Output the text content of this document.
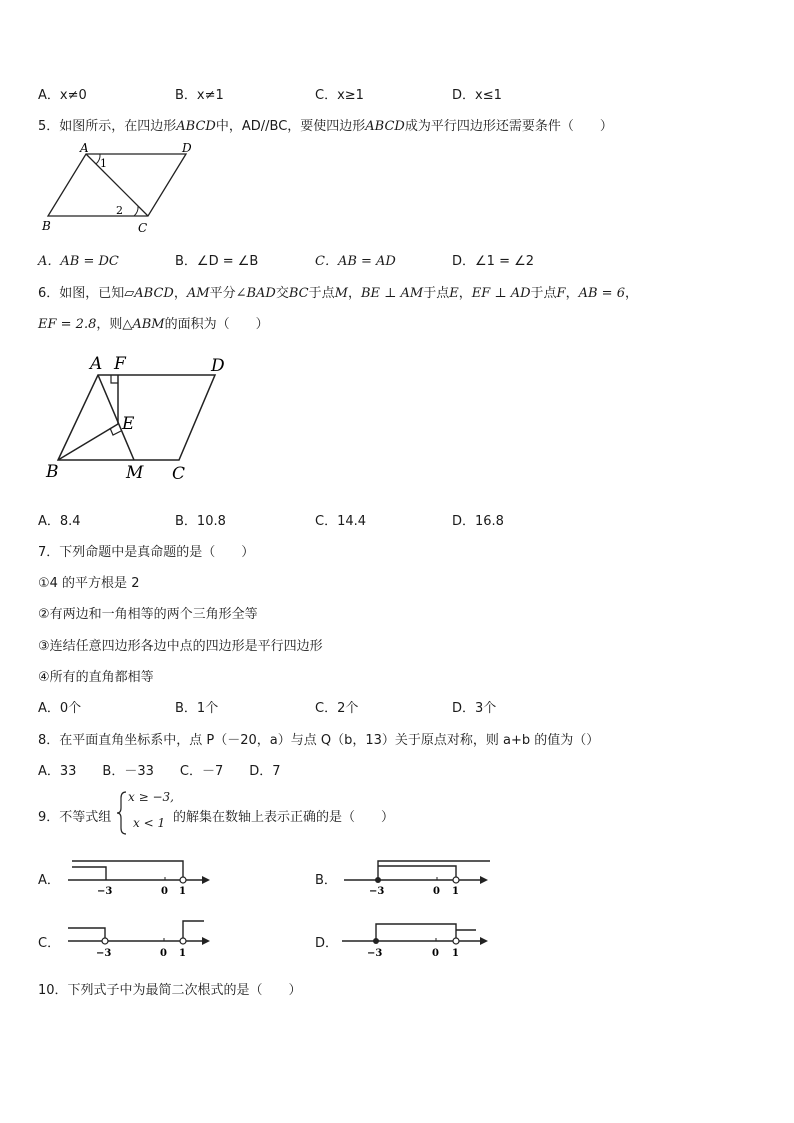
A．x≠0	B．x≠1	C．x≥1	D．x≤1
5．如图所示，在四边形ABCD中，AD//BC，要使四边形ABCD成为平行四边形还需要条件（　　）
A	D
B	C
1
2
A．AB = DC	B．∠D = ∠B	C．AB = AD	D．∠1 = ∠2
6．如图，已知▱ABCD，AM平分∠BAD交BC于点M，BE ⊥ AM于点E，EF ⊥ AD于点F，AB = 6，
EF = 2.8，则△ABM的面积为（　　）
A F	D
E
B	M C
A．8.4	B．10.8	C．14.4	D．16.8
7．下列命题中是真命题的是（　　）
①4 的平方根是 2
②有两边和一角相等的两个三角形全等
③连结任意四边形各边中点的四边形是平行四边形
④所有的直角都相等
A．0个	B．1个	C．2个	D．3个
8．在平面直角坐标系中，点 P（－20，a）与点 Q（b，13）关于原点对称，则 a+b 的值为（）
A．33　　B．－33　　C．－7　　D．7
9．不等式组
x ≥ −3,
x < 1 的解集在数轴上表示正确的是（　　）
A．
−3	0 1
B．
−3	0 1
C．
−3	0 1
D．
−3	0 1
10．下列式子中为最简二次根式的是（　　）
